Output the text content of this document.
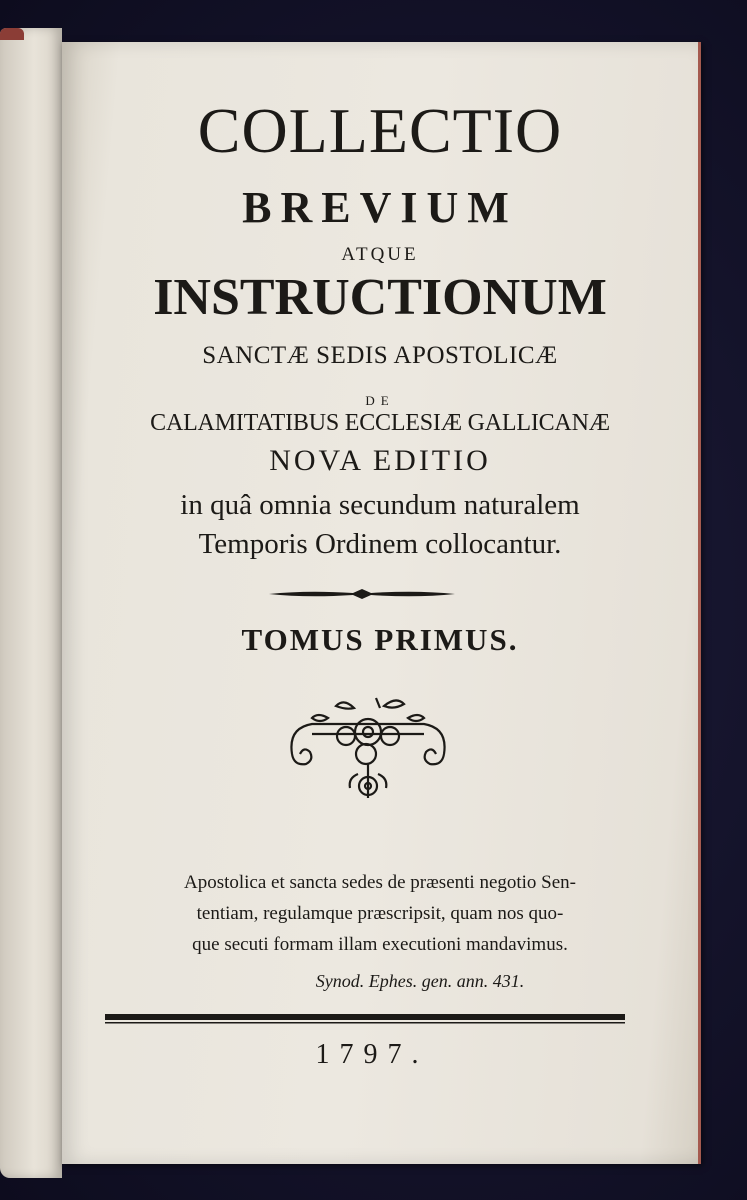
COLLECTIO
BREVIUM
ATQUE
INSTRUCTIONUM
SANCTÆ SEDIS APOSTOLICÆ
DE
CALAMITATIBUS ECCLESIÆ GALLICANÆ
NOVA EDITIO
in quâ omnia secundum naturalem
Temporis Ordinem collocantur.
TOMUS PRIMUS.
Apostolica et sancta sedes de præsenti negotio Sen-
tentiam, regulamque præscripsit, quam nos quo-
que secuti formam illam executioni mandavimus.
Synod. Ephes. gen. ann. 431.
1797.
